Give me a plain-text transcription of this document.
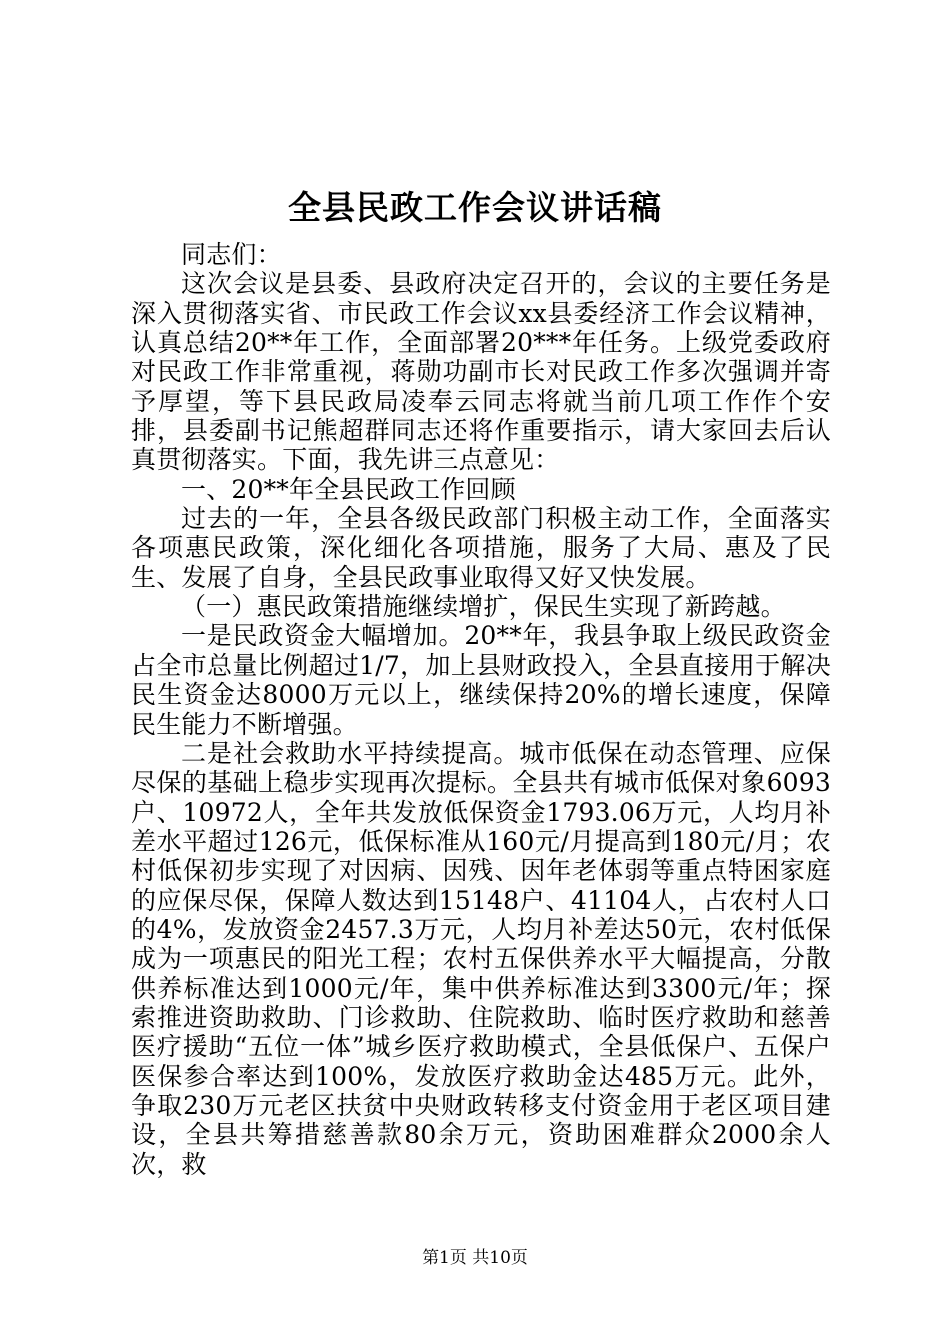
全县民政工作会议讲话稿

同志们：

这次会议是县委、县政府决定召开的，会议的主要任务是深入贯彻落实省、市民政工作会议xx县委经济工作会议精神，认真总结20**年工作，全面部署20***年任务。上级党委政府对民政工作非常重视，蒋勋功副市长对民政工作多次强调并寄予厚望，等下县民政局凌奉云同志将就当前几项工作作个安排，县委副书记熊超群同志还将作重要指示，请大家回去后认真贯彻落实。下面，我先讲三点意见：

一、20**年全县民政工作回顾

过去的一年，全县各级民政部门积极主动工作，全面落实各项惠民政策，深化细化各项措施，服务了大局、惠及了民生、发展了自身，全县民政事业取得又好又快发展。

（一）惠民政策措施继续增扩，保民生实现了新跨越。

一是民政资金大幅增加。20**年，我县争取上级民政资金占全市总量比例超过1/7，加上县财政投入，全县直接用于解决民生资金达8000万元以上，继续保持20%的增长速度，保障民生能力不断增强。

二是社会救助水平持续提高。城市低保在动态管理、应保尽保的基础上稳步实现再次提标。全县共有城市低保对象6093户、10972人，全年共发放低保资金1793.06万元，人均月补差水平超过126元，低保标准从160元/月提高到180元/月；农村低保初步实现了对因病、因残、因年老体弱等重点特困家庭的应保尽保，保障人数达到15148户、41104人，占农村人口的4%，发放资金2457.3万元，人均月补差达50元，农村低保成为一项惠民的阳光工程；农村五保供养水平大幅提高，分散供养标准达到1000元/年，集中供养标准达到3300元/年；探索推进资助救助、门诊救助、住院救助、临时医疗救助和慈善医疗援助“五位一体”城乡医疗救助模式，全县低保户、五保户医保参合率达到100%，发放医疗救助金达485万元。此外，争取230万元老区扶贫中央财政转移支付资金用于老区项目建设，全县共筹措慈善款80余万元，资助困难群众2000余人次，救

第1页 共10页
